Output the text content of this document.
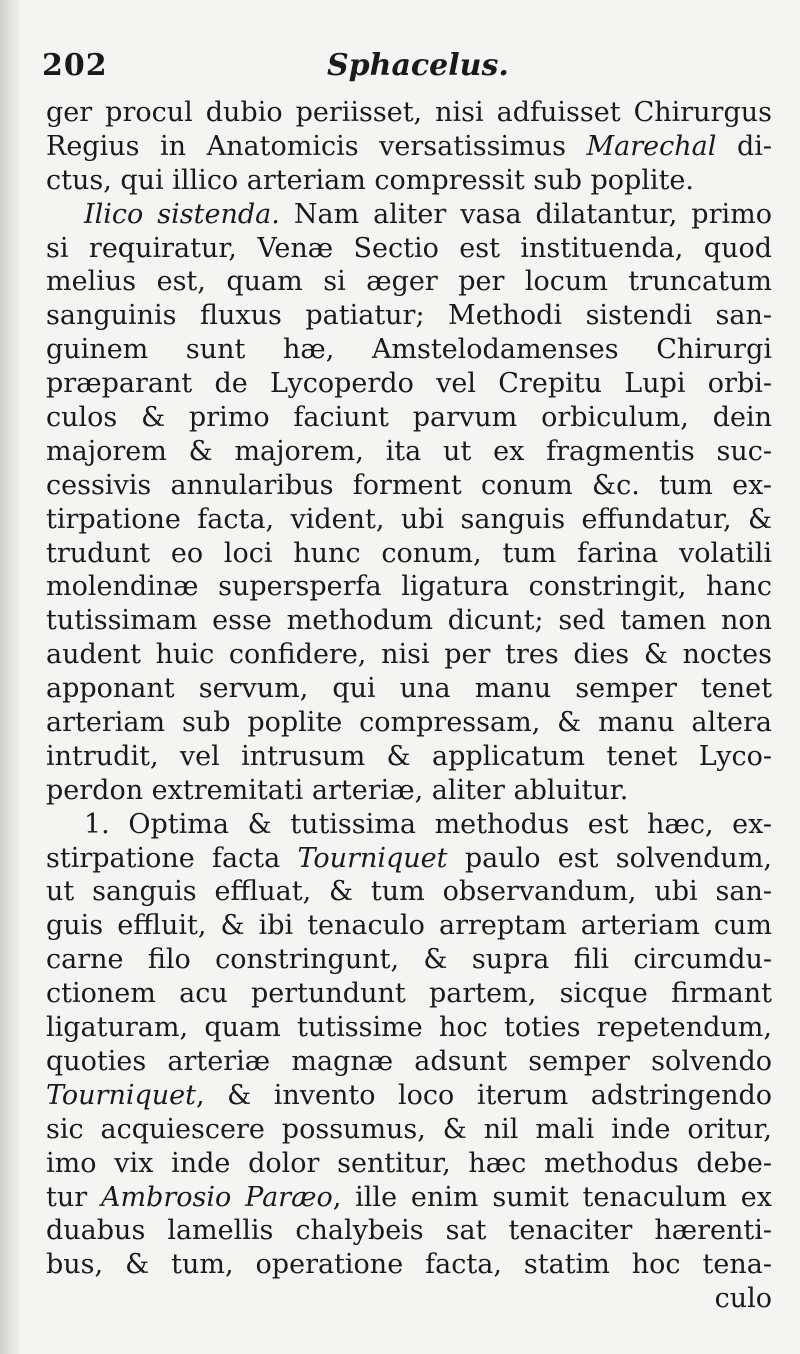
202	Sphacelus.
ger procul dubio periisset, nisi adfuisset Chirurgus
Regius in Anatomicis versatissimus Marechal di-
ctus, qui illico arteriam compressit sub poplite.
Ilico sistenda. Nam aliter vasa dilatantur, primo
si requiratur, Venæ Sectio est instituenda, quod
melius est, quam si æger per locum truncatum
sanguinis fluxus patiatur; Methodi sistendi san-
guinem sunt hæ, Amstelodamenses Chirurgi
præparant de Lycoperdo vel Crepitu Lupi orbi-
culos & primo faciunt parvum orbiculum, dein
majorem & majorem, ita ut ex fragmentis suc-
cessivis annularibus forment conum &c. tum ex-
tirpatione facta, vident, ubi sanguis effundatur, &
trudunt eo loci hunc conum, tum farina volatili
molendinæ supersperfa ligatura constringit, hanc
tutissimam esse methodum dicunt; sed tamen non
audent huic confidere, nisi per tres dies & noctes
apponant servum, qui una manu semper tenet
arteriam sub poplite compressam, & manu altera
intrudit, vel intrusum & applicatum tenet Lyco-
perdon extremitati arteriæ, aliter abluitur.
1. Optima & tutissima methodus est hæc, ex-
stirpatione facta Tourniquet paulo est solvendum,
ut sanguis effluat, & tum observandum, ubi san-
guis effluit, & ibi tenaculo arreptam arteriam cum
carne filo constringunt, & supra fili circumdu-
ctionem acu pertundunt partem, sicque firmant
ligaturam, quam tutissime hoc toties repetendum,
quoties arteriæ magnæ adsunt semper solvendo
Tourniquet, & invento loco iterum adstringendo
sic acquiescere possumus, & nil mali inde oritur,
imo vix inde dolor sentitur, hæc methodus debe-
tur Ambrosio Paræo, ille enim sumit tenaculum ex
duabus lamellis chalybeis sat tenaciter hærenti-
bus, & tum, operatione facta, statim hoc tena-
culo
